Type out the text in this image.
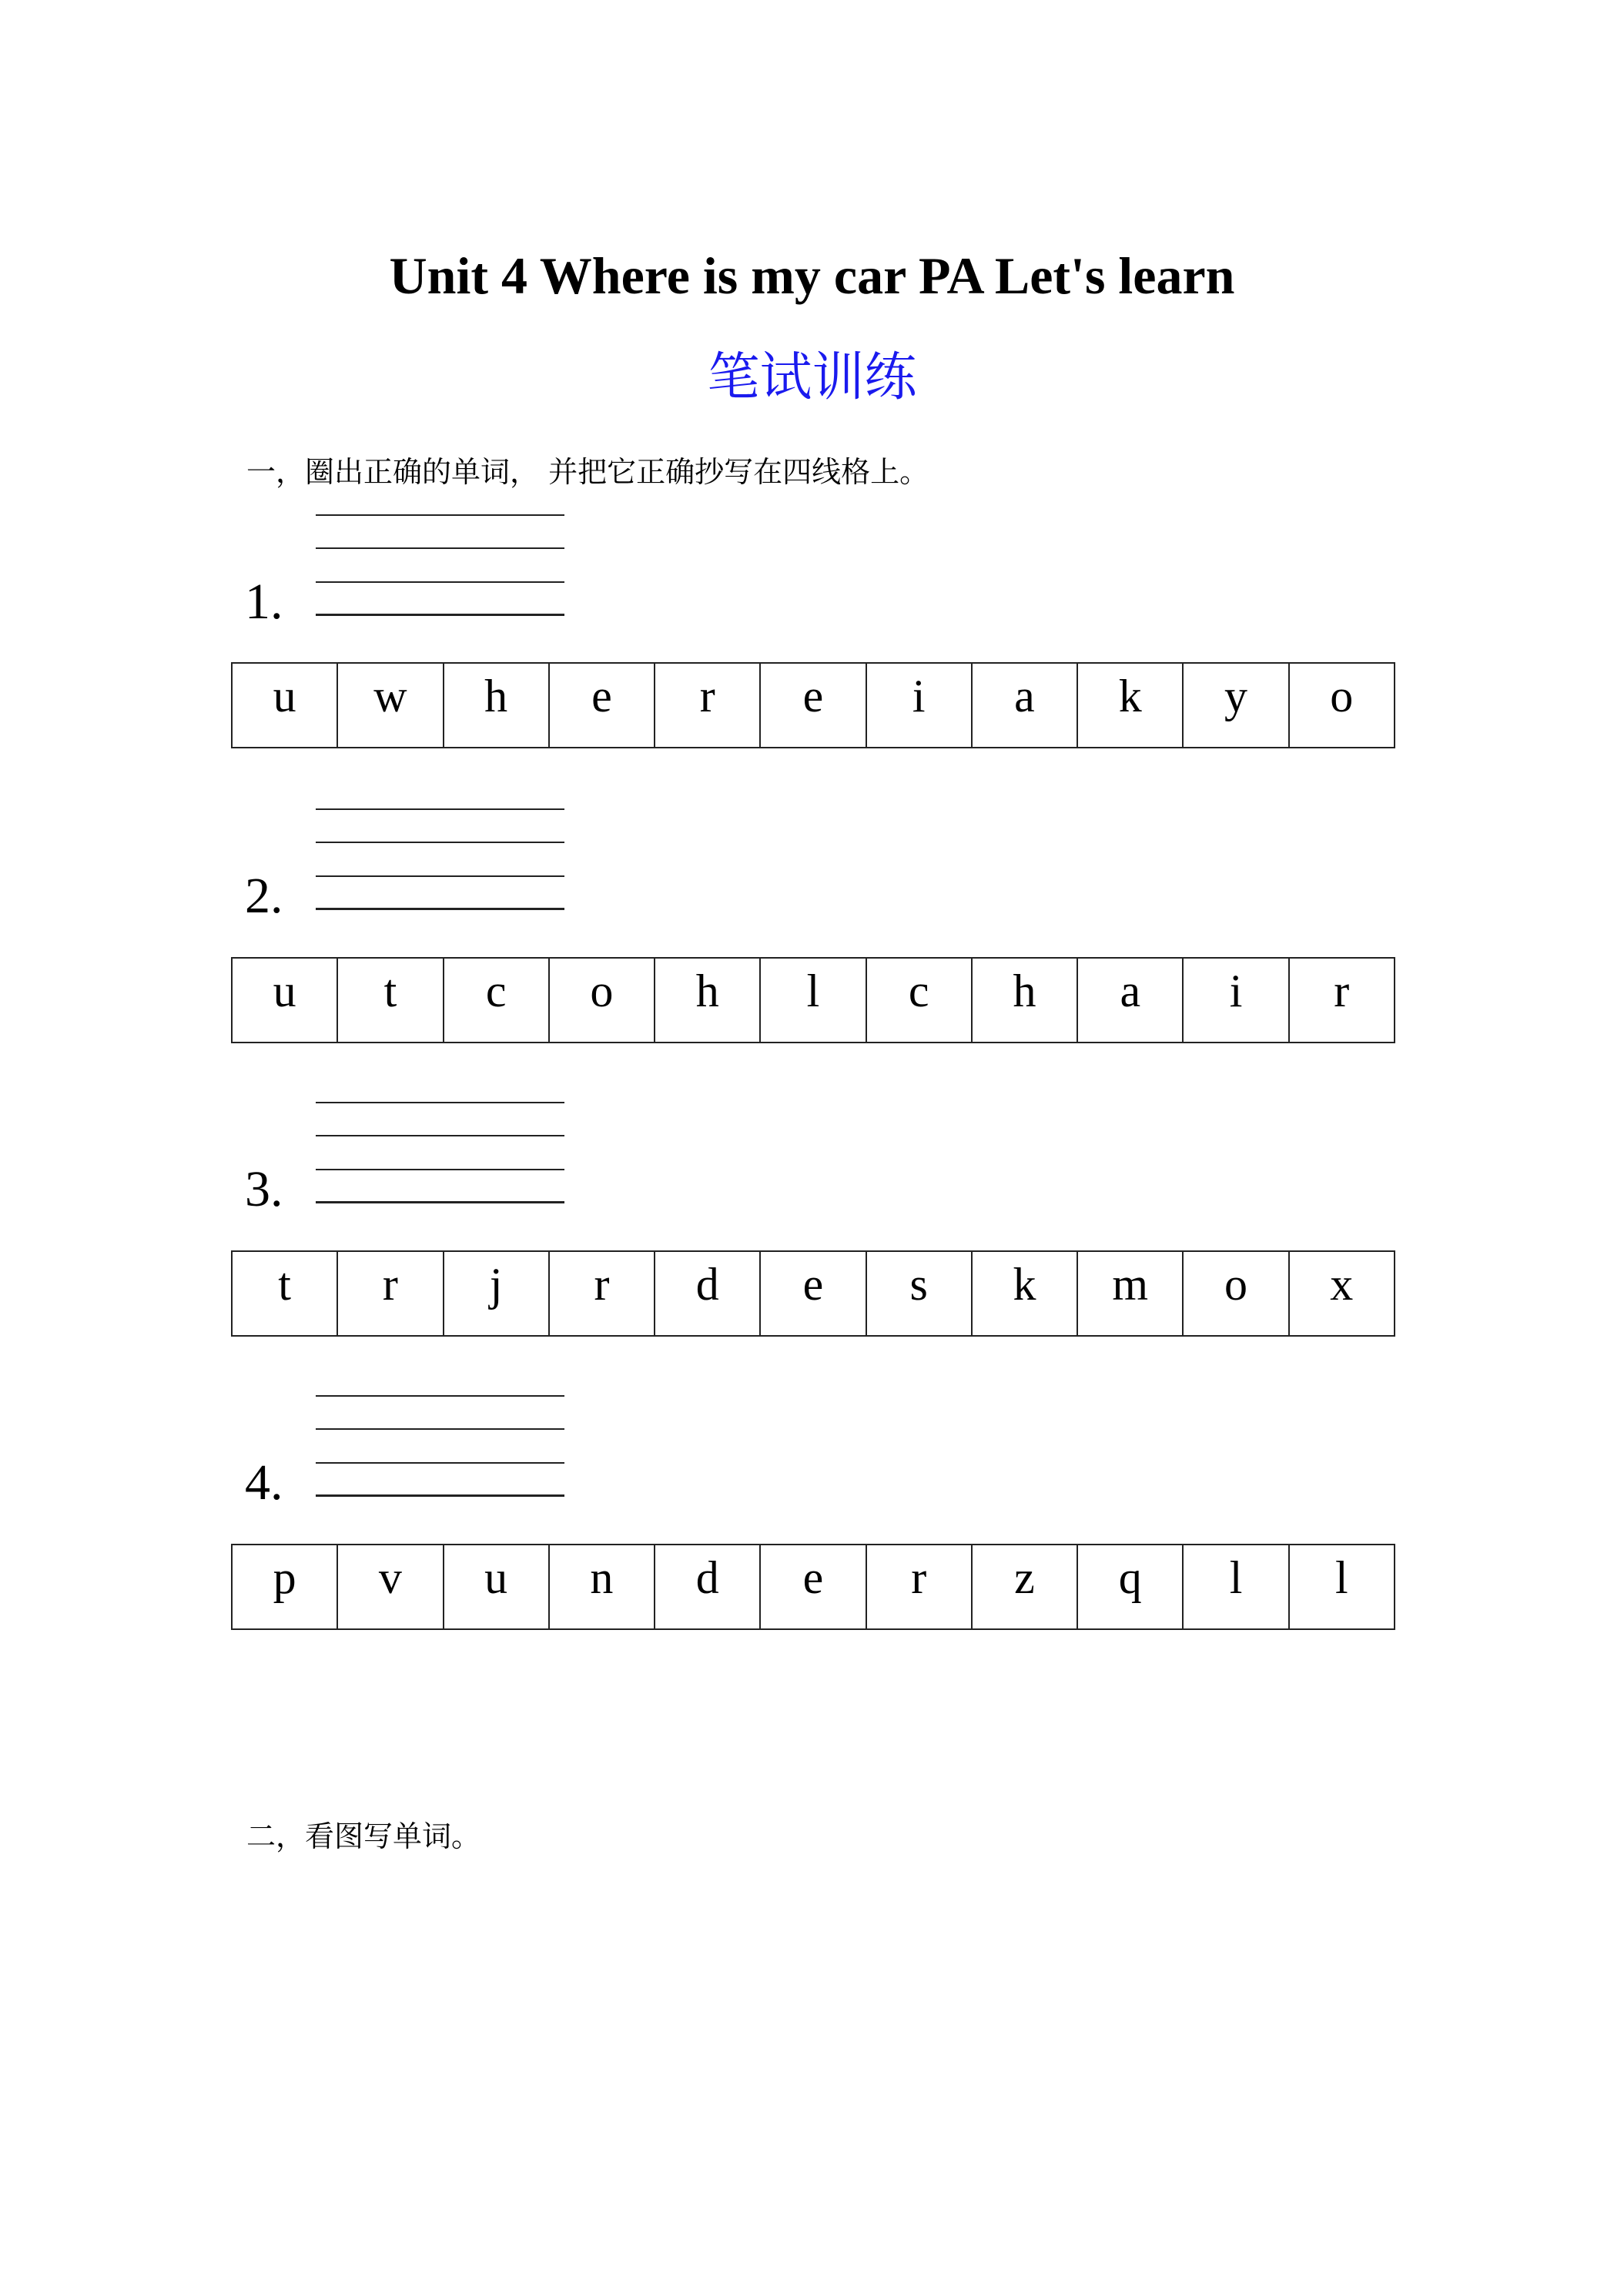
Unit 4 Where is my car PA Let's learn
笔试训练
一，圈出正确的单词， 并把它正确抄写在四线格上。
1.
u	w	h	e	r	e	i	a	k	y	o
2.
u	t	c	o	h	l	c	h	a	i	r
3.
t	r	j	r	d	e	s	k	m	o	x
4.
p	v	u	n	d	e	r	z	q	l	l
二，看图写单词。
